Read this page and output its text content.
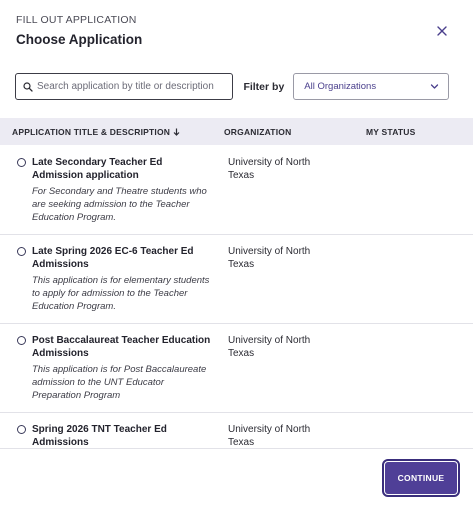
FILL OUT APPLICATION
Choose Application
Search application by title or description
Filter by All Organizations
APPLICATION TITLE & DESCRIPTION	ORGANIZATION	MY STATUS
Late Secondary Teacher Ed Admission application
For Secondary and Theatre students who are seeking admission to the Teacher Education Program.
University of North Texas
Late Spring 2026 EC-6 Teacher Ed Admissions
This application is for elementary students to apply for admission to the Teacher Education Program.
University of North Texas
Post Baccalaureat Teacher Education Admissions
This application is for Post Baccalaureate admission to the UNT Educator Preparation Program
University of North Texas
Spring 2026 TNT Teacher Ed Admissions
University of North Texas
CONTINUE
